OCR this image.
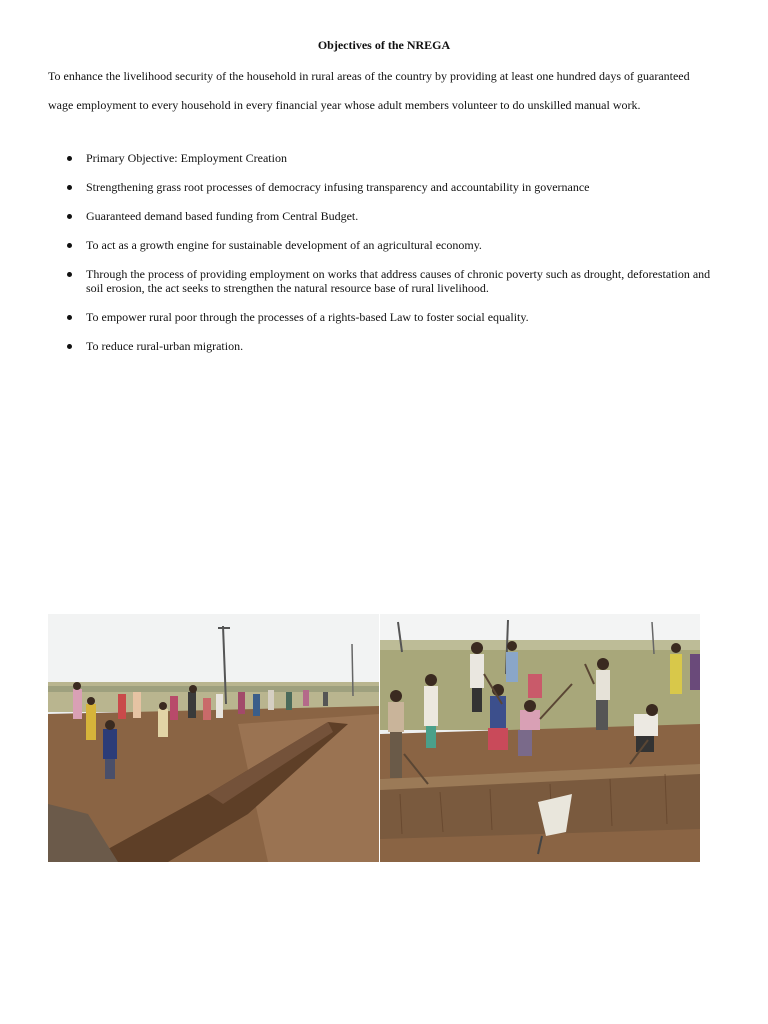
Objectives of the NREGA

To enhance the livelihood security of the household in rural areas of the country by providing at least one hundred days of guaranteed wage employment to every household in every financial year whose adult members volunteer to do unskilled manual work.

Primary Objective: Employment Creation
Strengthening grass root processes of democracy infusing transparency and accountability in governance
Guaranteed demand based funding from Central Budget.
To act as a growth engine for sustainable development of an agricultural economy.
Through the process of providing employment on works that address causes of chronic poverty such as drought, deforestation and soil erosion, the act seeks to strengthen the natural resource base of rural livelihood.
To empower rural poor through the processes of a rights-based Law to foster social equality.
To reduce rural-urban migration.
